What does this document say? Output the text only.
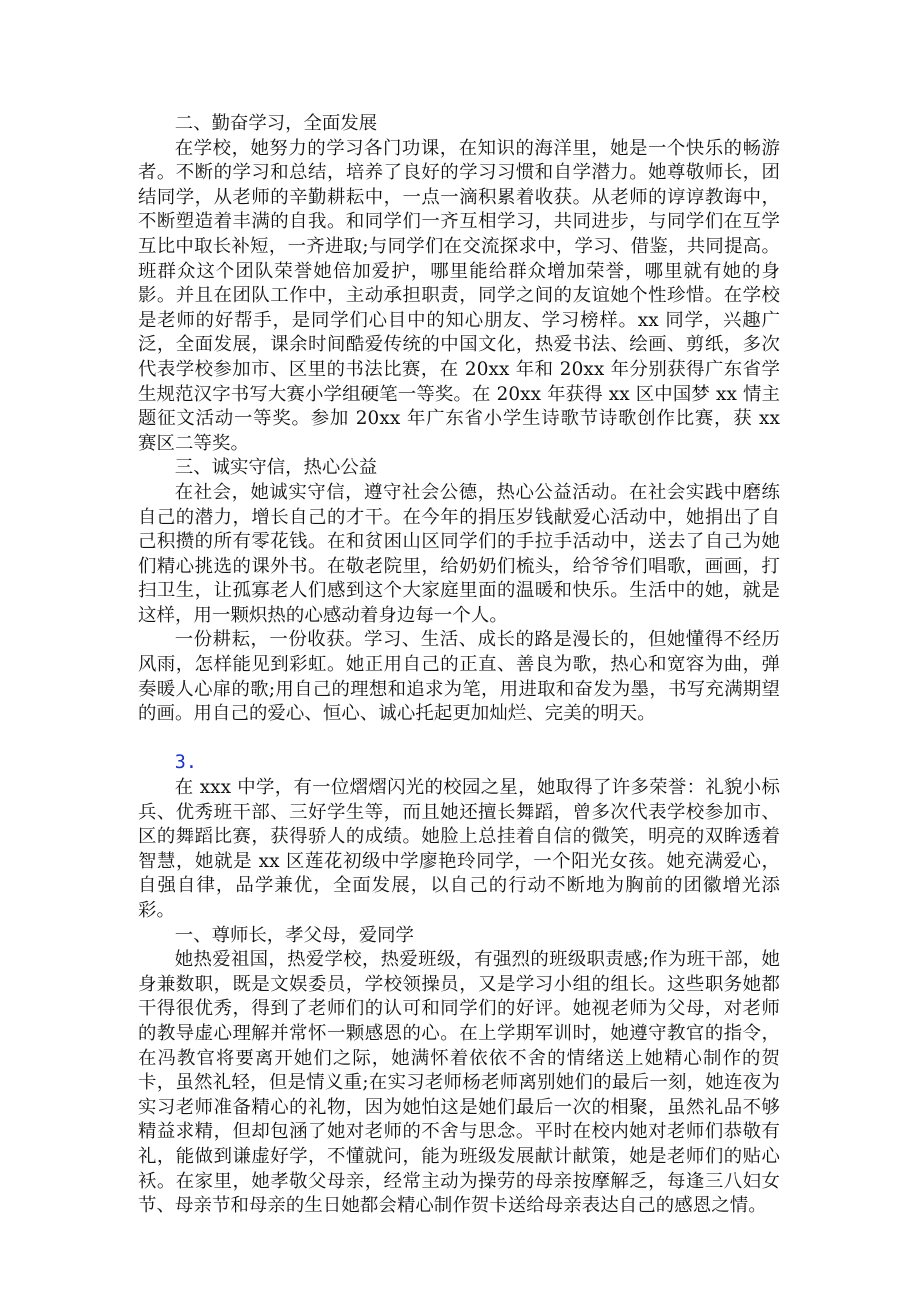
二、勤奋学习，全面发展

在学校，她努力的学习各门功课，在知识的海洋里，她是一个快乐的畅游者。不断的学习和总结，培养了良好的学习习惯和自学潜力。她尊敬师长，团结同学，从老师的辛勤耕耘中，一点一滴积累着收获。从老师的谆谆教诲中，不断塑造着丰满的自我。和同学们一齐互相学习，共同进步，与同学们在互学互比中取长补短，一齐进取;与同学们在交流探求中，学习、借鉴，共同提高。班群众这个团队荣誉她倍加爱护，哪里能给群众增加荣誉，哪里就有她的身影。并且在团队工作中，主动承担职责，同学之间的友谊她个性珍惜。在学校是老师的好帮手，是同学们心目中的知心朋友、学习榜样。xx 同学，兴趣广泛，全面发展，课余时间酷爱传统的中国文化，热爱书法、绘画、剪纸，多次代表学校参加市、区里的书法比赛，在 20xx 年和 20xx 年分别获得广东省学生规范汉字书写大赛小学组硬笔一等奖。在 20xx 年获得 xx 区中国梦 xx 情主题征文活动一等奖。参加 20xx 年广东省小学生诗歌节诗歌创作比赛，获 xx 赛区二等奖。

三、诚实守信，热心公益

在社会，她诚实守信，遵守社会公德，热心公益活动。在社会实践中磨练自己的潜力，增长自己的才干。在今年的捐压岁钱献爱心活动中，她捐出了自己积攒的所有零花钱。在和贫困山区同学们的手拉手活动中，送去了自己为她们精心挑选的课外书。在敬老院里，给奶奶们梳头，给爷爷们唱歌，画画，打扫卫生，让孤寡老人们感到这个大家庭里面的温暖和快乐。生活中的她，就是这样，用一颗炽热的心感动着身边每一个人。

一份耕耘，一份收获。学习、生活、成长的路是漫长的，但她懂得不经历风雨，怎样能见到彩虹。她正用自己的正直、善良为歌，热心和宽容为曲，弹奏暖人心扉的歌;用自己的理想和追求为笔，用进取和奋发为墨，书写充满期望的画。用自己的爱心、恒心、诚心托起更加灿烂、完美的明天。

3.

在 xxx 中学，有一位熠熠闪光的校园之星，她取得了许多荣誉：礼貌小标兵、优秀班干部、三好学生等，而且她还擅长舞蹈，曾多次代表学校参加市、区的舞蹈比赛，获得骄人的成绩。她脸上总挂着自信的微笑，明亮的双眸透着智慧，她就是 xx 区莲花初级中学廖艳玲同学，一个阳光女孩。她充满爱心，自强自律，品学兼优，全面发展，以自己的行动不断地为胸前的团徽增光添彩。

一、尊师长，孝父母，爱同学

她热爱祖国，热爱学校，热爱班级，有强烈的班级职责感;作为班干部，她身兼数职，既是文娱委员，学校领操员，又是学习小组的组长。这些职务她都干得很优秀，得到了老师们的认可和同学们的好评。她视老师为父母，对老师的教导虚心理解并常怀一颗感恩的心。在上学期军训时，她遵守教官的指令，在冯教官将要离开她们之际，她满怀着依依不舍的情绪送上她精心制作的贺卡，虽然礼轻，但是情义重;在实习老师杨老师离别她们的最后一刻，她连夜为实习老师准备精心的礼物，因为她怕这是她们最后一次的相聚，虽然礼品不够精益求精，但却包涵了她对老师的不舍与思念。平时在校内她对老师们恭敬有礼，能做到谦虚好学，不懂就问，能为班级发展献计献策，她是老师们的贴心袄。在家里，她孝敬父母亲，经常主动为操劳的母亲按摩解乏，每逢三八妇女节、母亲节和母亲的生日她都会精心制作贺卡送给母亲表达自己的感恩之情。
